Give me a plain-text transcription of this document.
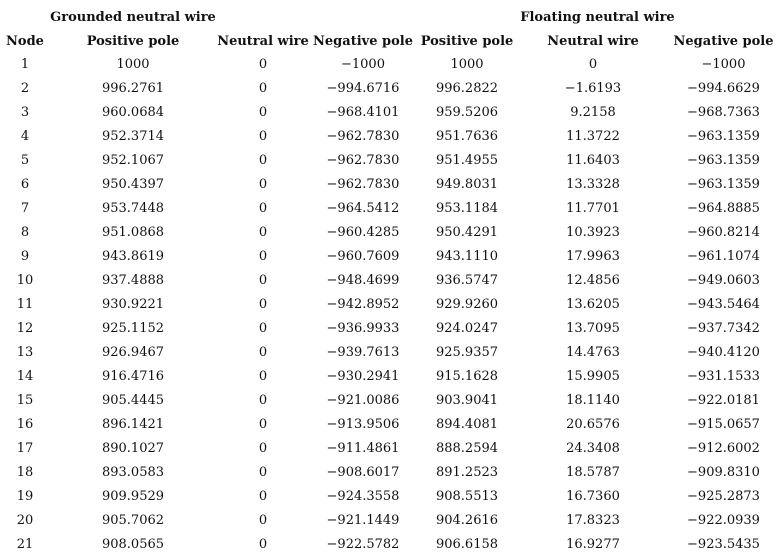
	Grounded neutral wire			Floating neutral wire		
Node	Positive pole	Neutral wire	Negative pole	Positive pole	Neutral wire	Negative pole
1	1000	0	−1000	1000	0	−1000
2	996.2761	0	−994.6716	996.2822	−1.6193	−994.6629
3	960.0684	0	−968.4101	959.5206	9.2158	−968.7363
4	952.3714	0	−962.7830	951.7636	11.3722	−963.1359
5	952.1067	0	−962.7830	951.4955	11.6403	−963.1359
6	950.4397	0	−962.7830	949.8031	13.3328	−963.1359
7	953.7448	0	−964.5412	953.1184	11.7701	−964.8885
8	951.0868	0	−960.4285	950.4291	10.3923	−960.8214
9	943.8619	0	−960.7609	943.1110	17.9963	−961.1074
10	937.4888	0	−948.4699	936.5747	12.4856	−949.0603
11	930.9221	0	−942.8952	929.9260	13.6205	−943.5464
12	925.1152	0	−936.9933	924.0247	13.7095	−937.7342
13	926.9467	0	−939.7613	925.9357	14.4763	−940.4120
14	916.4716	0	−930.2941	915.1628	15.9905	−931.1533
15	905.4445	0	−921.0086	903.9041	18.1140	−922.0181
16	896.1421	0	−913.9506	894.4081	20.6576	−915.0657
17	890.1027	0	−911.4861	888.2594	24.3408	−912.6002
18	893.0583	0	−908.6017	891.2523	18.5787	−909.8310
19	909.9529	0	−924.3558	908.5513	16.7360	−925.2873
20	905.7062	0	−921.1449	904.2616	17.8323	−922.0939
21	908.0565	0	−922.5782	906.6158	16.9277	−923.5435
